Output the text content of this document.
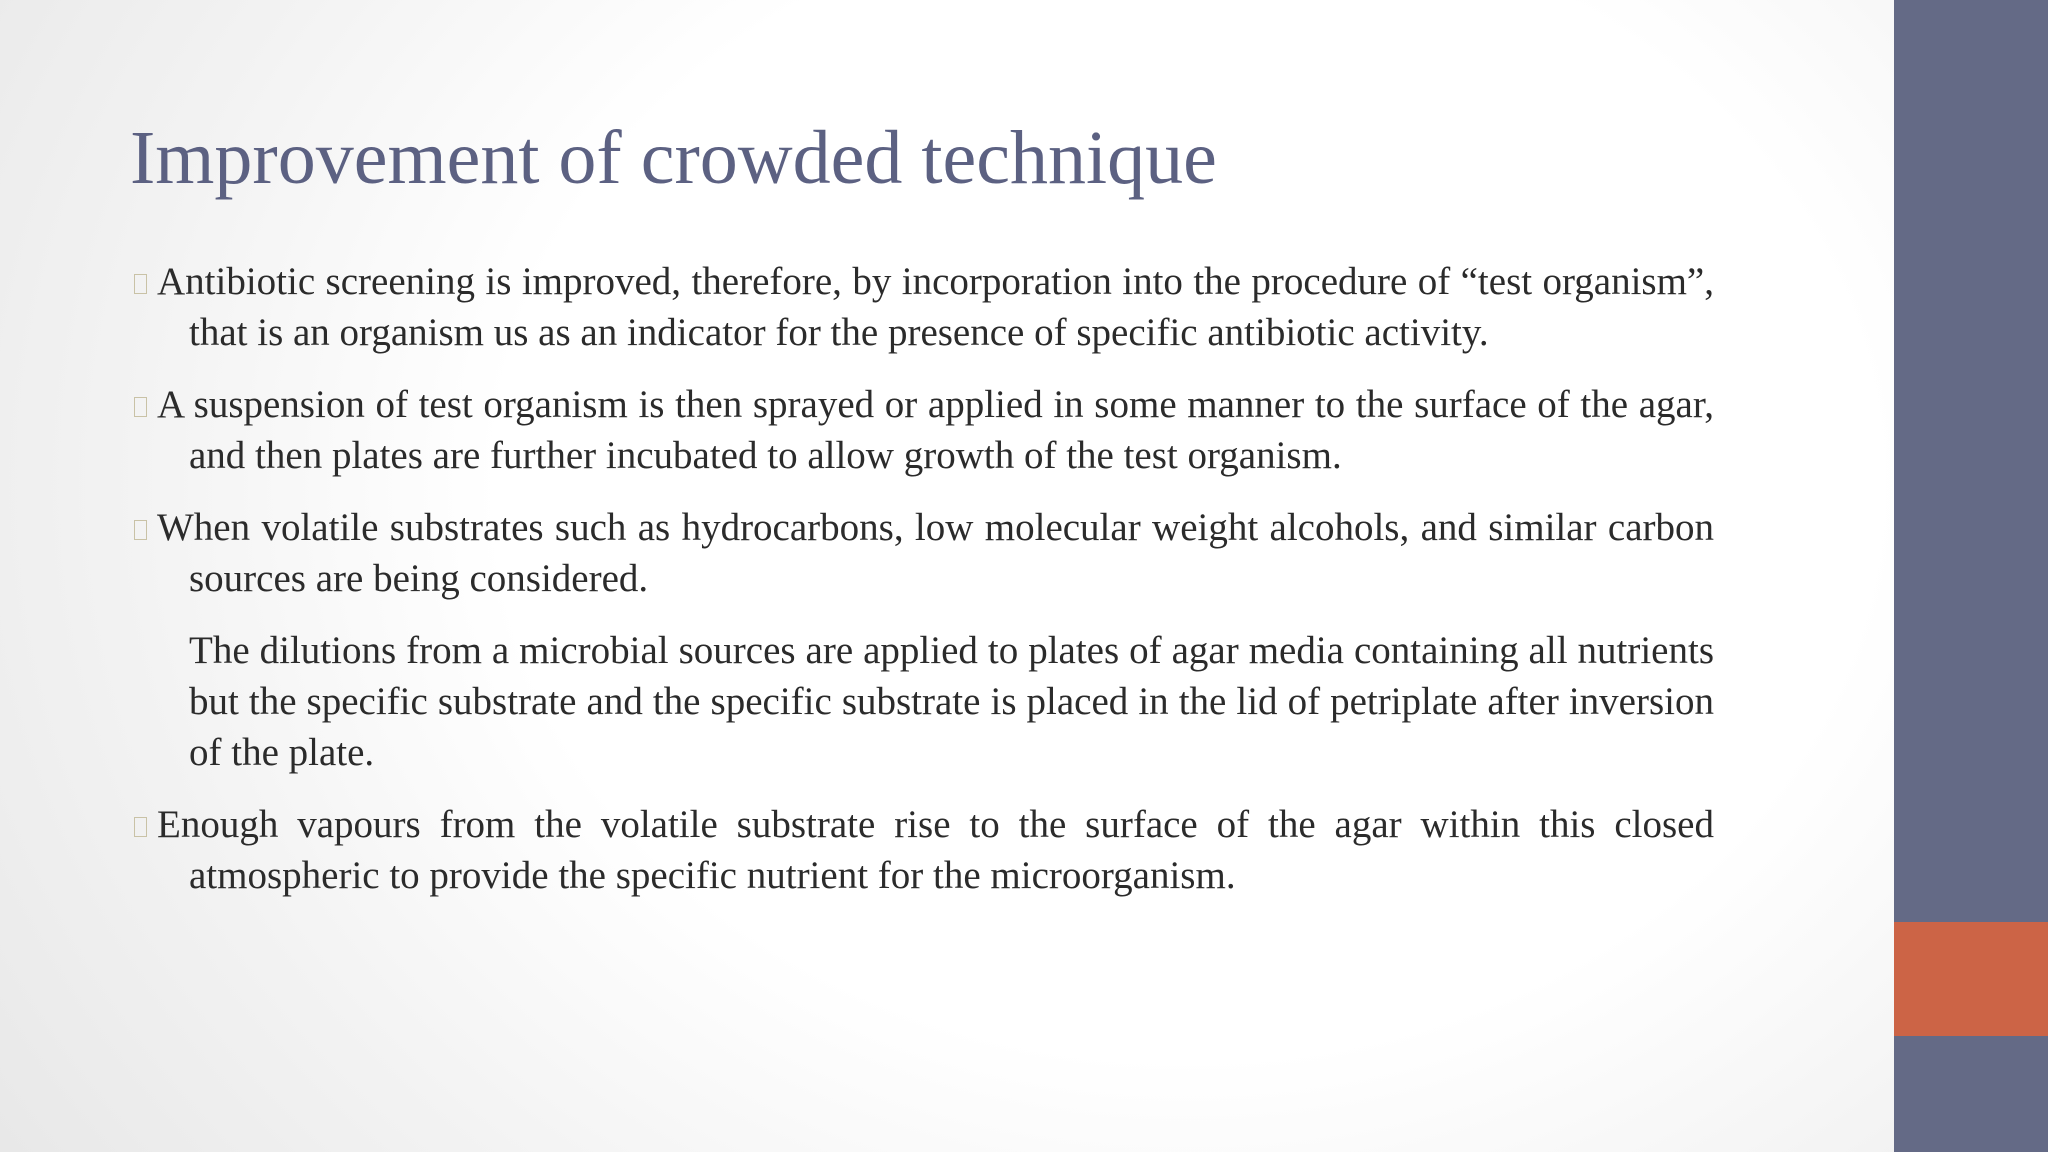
Improvement of crowded technique

Antibiotic screening is improved, therefore, by incorporation into the procedure of “test organism”, that is an organism us as an indicator for the presence of specific antibiotic activity.

A suspension of test organism is then sprayed or applied in some manner to the surface of the agar, and then plates are further incubated to allow growth of the test organism.

When volatile substrates such as hydrocarbons, low molecular weight alcohols, and similar carbon sources are being considered.

The dilutions from a microbial sources are applied to plates of agar media containing all nutrients but the specific substrate and the specific substrate is placed in the lid of petriplate after inversion of the plate.

Enough vapours from the volatile substrate rise to the surface of the agar within this closed atmospheric to provide the specific nutrient for the microorganism.
